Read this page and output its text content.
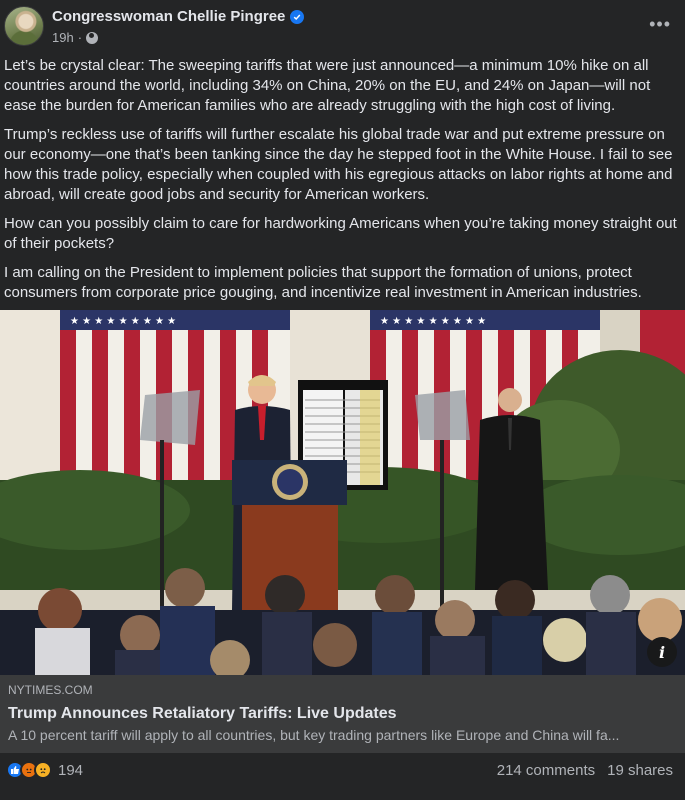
Congresswoman Chellie Pingree
19h ·
•••

Let’s be crystal clear: The sweeping tariffs that were just announced—a minimum 10% hike on all countries around the world, including 34% on China, 20% on the EU, and 24% on Japan—will not ease the burden for American families who are already struggling with the high cost of living.

Trump’s reckless use of tariffs will further escalate his global trade war and put extreme pressure on our economy—one that’s been tanking since the day he stepped foot in the White House. I fail to see how this trade policy, especially when coupled with his egregious attacks on labor rights at home and abroad, will create good jobs and security for American workers.

How can you possibly claim to care for hardworking Americans when you’re taking money straight out of their pockets?

I am calling on the President to implement policies that support the formation of unions, protect consumers from corporate price gouging, and incentivize real investment in American industries.

★ ★ ★ ★ ★ ★ ★ ★ ★	★ ★ ★ ★ ★ ★ ★ ★ ★
i
NYTIMES.COM
Trump Announces Retaliatory Tariffs: Live Updates
A 10 percent tariff will apply to all countries, but key trading partners like Europe and China will fa...
194	214 comments 19 shares
